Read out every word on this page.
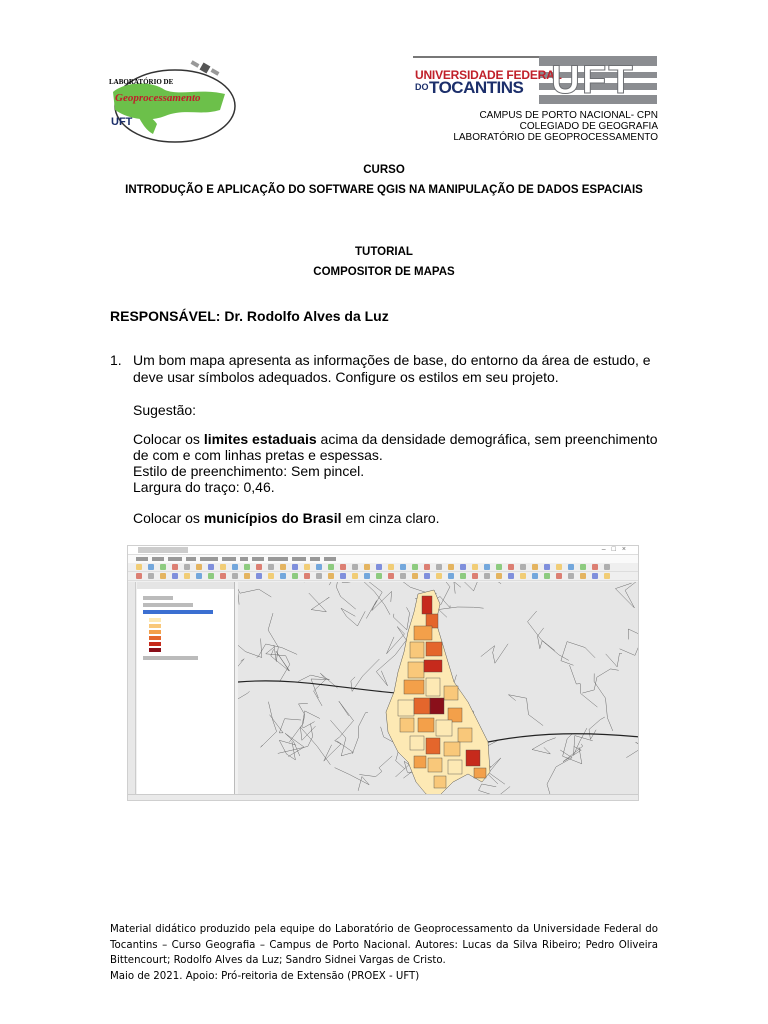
LABORATÓRIO DE
Geoprocessamento
UFT
UNIVERSIDADE FEDERAL
DO TOCANTINS UFT
CAMPUS DE PORTO NACIONAL- CPN
COLEGIADO DE GEOGRAFIA
LABORATÓRIO DE GEOPROCESSAMENTO
CURSO
INTRODUÇÃO E APLICAÇÃO DO SOFTWARE QGIS NA MANIPULAÇÃO DE DADOS ESPACIAIS
TUTORIAL
COMPOSITOR DE MAPAS
RESPONSÁVEL: Dr. Rodolfo Alves da Luz
1. Um bom mapa apresenta as informações de base, do entorno da área de estudo, e deve usar símbolos adequados. Configure os estilos em seu projeto.
Sugestão:
Colocar os limites estaduais acima da densidade demográfica, sem preenchimento de com e com linhas pretas e espessas.
Estilo de preenchimento: Sem pincel.
Largura do traço: 0,46.
Colocar os municípios do Brasil em cinza claro.
–□×
Material didático produzido pela equipe do Laboratório de Geoprocessamento da Universidade Federal do Tocantins – Curso Geografia – Campus de Porto Nacional. Autores: Lucas da Silva Ribeiro; Pedro Oliveira Bittencourt; Rodolfo Alves da Luz; Sandro Sidnei Vargas de Cristo.
Maio de 2021. Apoio: Pró-reitoria de Extensão (PROEX - UFT)
